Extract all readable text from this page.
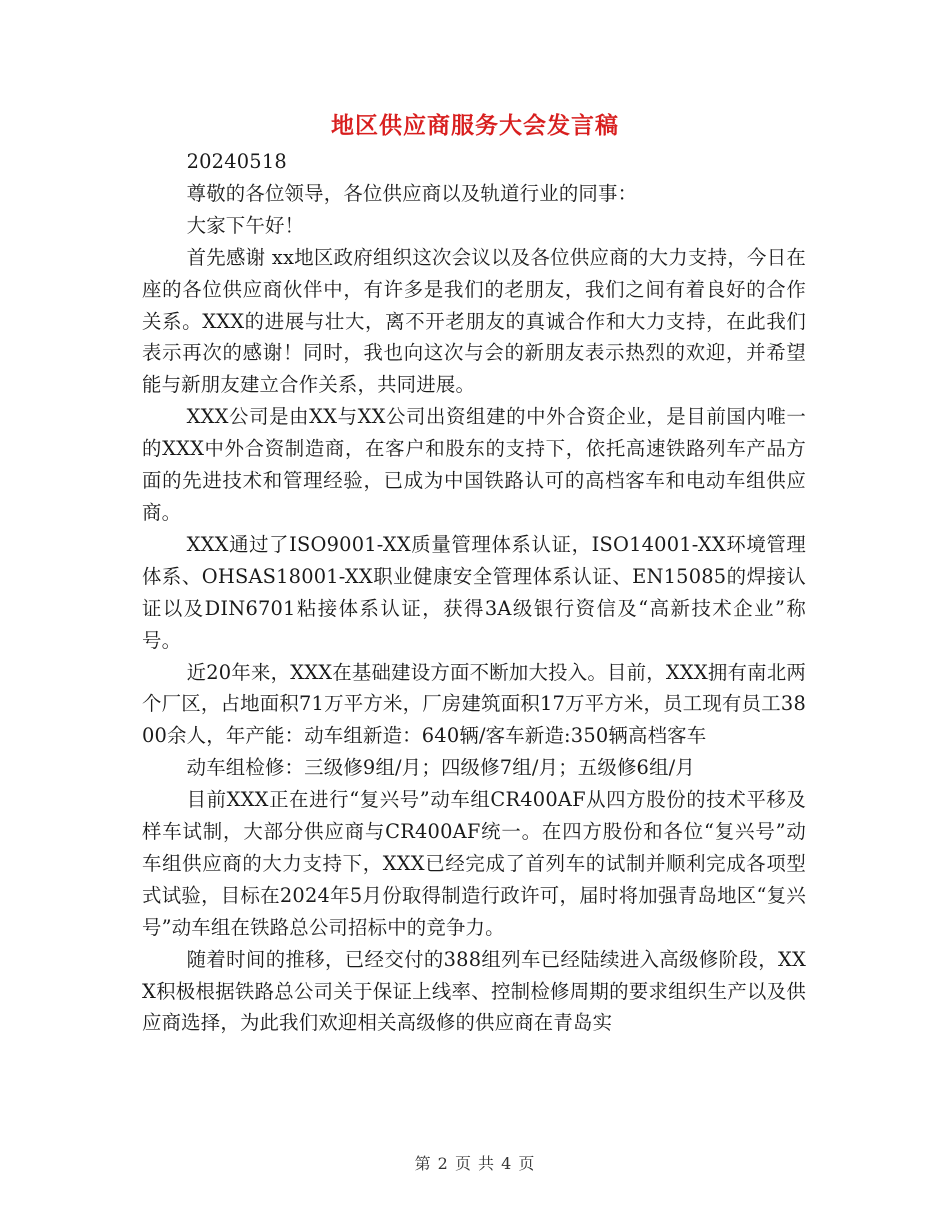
地区供应商服务大会发言稿

20240518

尊敬的各位领导，各位供应商以及轨道行业的同事：

大家下午好！

首先感谢 xx地区政府组织这次会议以及各位供应商的大力支持，今日在座的各位供应商伙伴中，有许多是我们的老朋友，我们之间有着良好的合作关系。XXX的进展与壮大，离不开老朋友的真诚合作和大力支持，在此我们表示再次的感谢！同时，我也向这次与会的新朋友表示热烈的欢迎，并希望能与新朋友建立合作关系，共同进展。

XXX公司是由XX与XX公司出资组建的中外合资企业，是目前国内唯一的XXX中外合资制造商，在客户和股东的支持下，依托高速铁路列车产品方面的先进技术和管理经验，已成为中国铁路认可的高档客车和电动车组供应商。

XXX通过了ISO9001-XX质量管理体系认证，ISO14001-XX环境管理体系、OHSAS18001-XX职业健康安全管理体系认证、EN15085的焊接认证以及DIN6701粘接体系认证，获得3A级银行资信及“高新技术企业”称号。

近20年来，XXX在基础建设方面不断加大投入。目前，XXX拥有南北两个厂区，占地面积71万平方米，厂房建筑面积17万平方米，员工现有员工3800余人，年产能：动车组新造：640辆/客车新造:350辆高档客车

动车组检修：三级修9组/月；四级修7组/月；五级修6组/月

目前XXX正在进行“复兴号”动车组CR400AF从四方股份的技术平移及样车试制，大部分供应商与CR400AF统一。在四方股份和各位“复兴号”动车组供应商的大力支持下，XXX已经完成了首列车的试制并顺利完成各项型式试验，目标在2024年5月份取得制造行政许可，届时将加强青岛地区“复兴号”动车组在铁路总公司招标中的竞争力。

随着时间的推移，已经交付的388组列车已经陆续进入高级修阶段，XXX积极根据铁路总公司关于保证上线率、控制检修周期的要求组织生产以及供应商选择，为此我们欢迎相关高级修的供应商在青岛实

第 2 页 共 4 页
